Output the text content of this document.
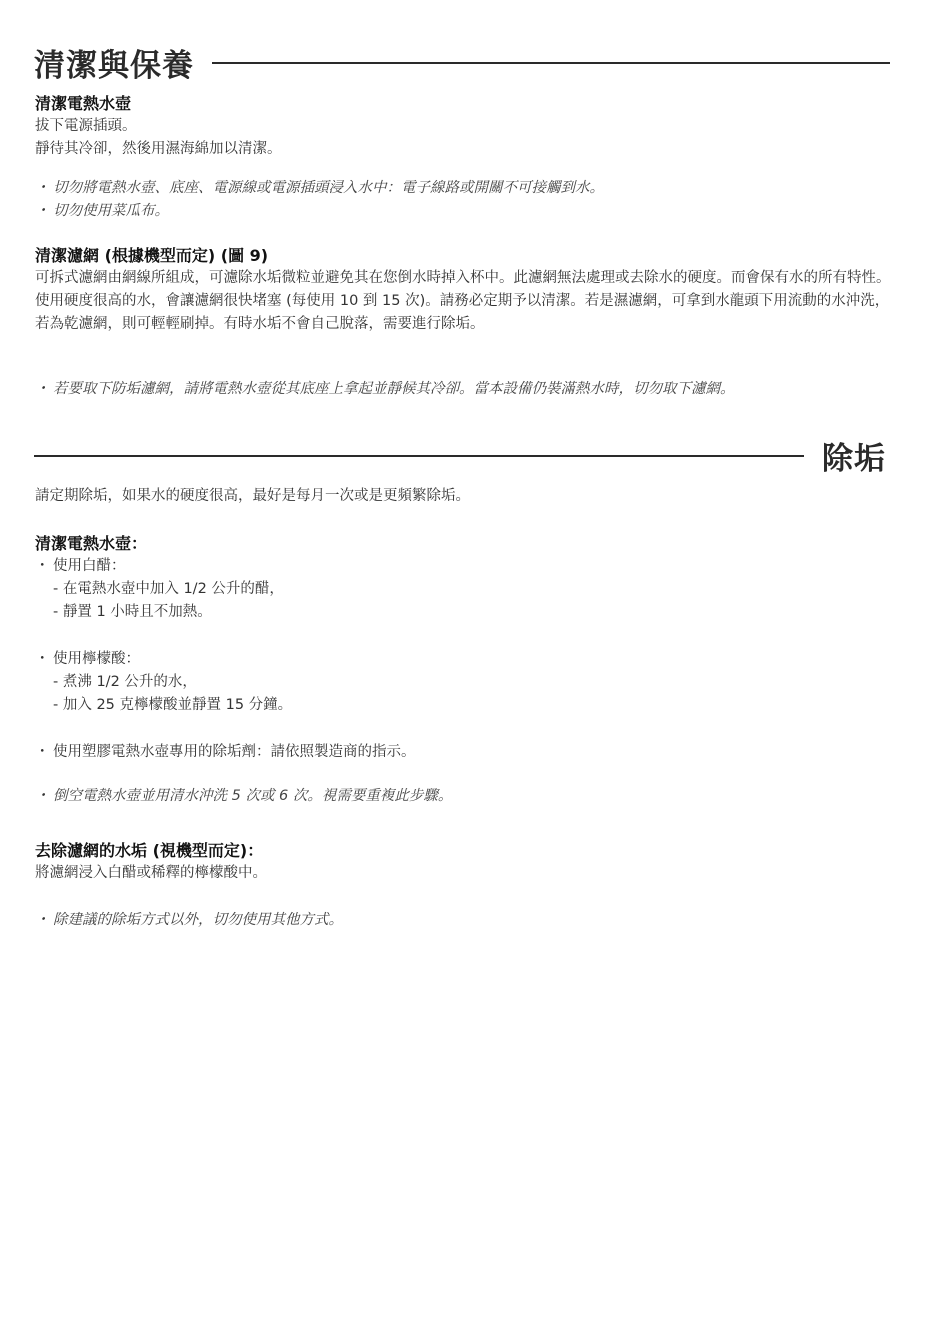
清潔與保養

清潔電熱水壺

拔下電源插頭。

靜待其冷卻，然後用濕海綿加以清潔。

・ 切勿將電熱水壺、底座、電源線或電源插頭浸入水中：電子線路或開關不可接觸到水。

・ 切勿使用菜瓜布。

清潔濾網 (根據機型而定) (圖 9)

可拆式濾網由網線所組成，可濾除水垢微粒並避免其在您倒水時掉入杯中。此濾網無法處理或去除水的硬度。而會保有水的所有特性。使用硬度很高的水，會讓濾網很快堵塞 (每使用 10 到 15 次)。請務必定期予以清潔。若是濕濾網，可拿到水龍頭下用流動的水沖洗，若為乾濾網，則可輕輕刷掉。有時水垢不會自己脫落，需要進行除垢。

・ 若要取下防垢濾網，請將電熱水壺從其底座上拿起並靜候其冷卻。當本設備仍裝滿熱水時，切勿取下濾網。

除垢

請定期除垢，如果水的硬度很高，最好是每月一次或是更頻繁除垢。

清潔電熱水壺：

・ 使用白醋：

- 在電熱水壺中加入 1/2 公升的醋，

- 靜置 1 小時且不加熱。

・ 使用檸檬酸：

- 煮沸 1/2 公升的水，

- 加入 25 克檸檬酸並靜置 15 分鐘。

・ 使用塑膠電熱水壺專用的除垢劑：請依照製造商的指示。

・ 倒空電熱水壺並用清水沖洗 5 次或 6 次。視需要重複此步驟。

去除濾網的水垢 (視機型而定)：

將濾網浸入白醋或稀釋的檸檬酸中。

・ 除建議的除垢方式以外，切勿使用其他方式。
